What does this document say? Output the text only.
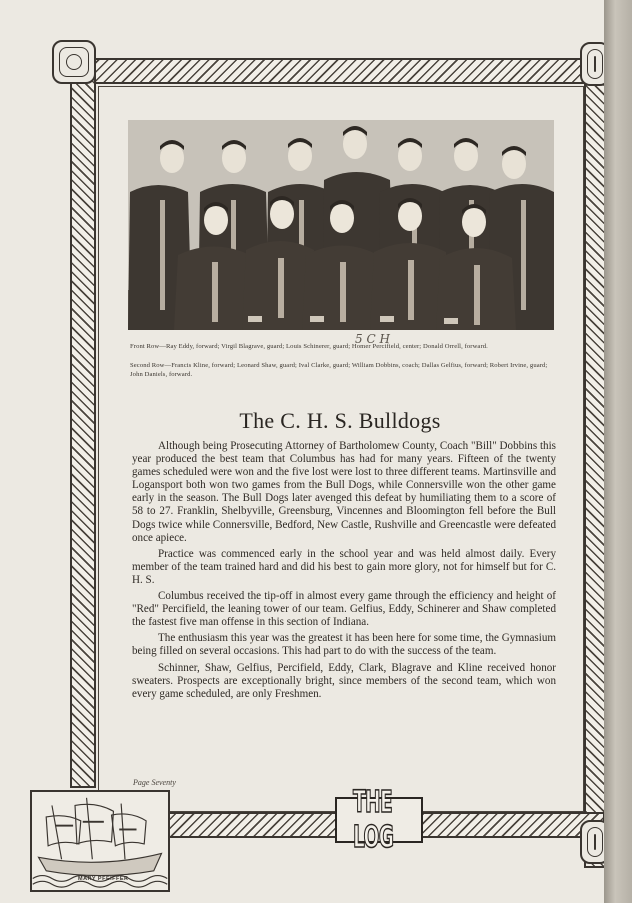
5 C H
Front Row—Ray Eddy, forward; Virgil Blagrave, guard; Louis Schinerer, guard; Homer Percifield, center; Donald Orrell, forward.
Second Row—Francis Kline, forward; Leonard Shaw, guard; Ival Clarke, guard; William Dobbins, coach; Dallas Gelfius, forward; Robert Irvine, guard; John Daniels, forward.
The C. H. S. Bulldogs

Although being Prosecuting Attorney of Bartholomew County, Coach "Bill" Dobbins this year produced the best team that Columbus has had for many years. Fifteen of the twenty games scheduled were won and the five lost were lost to three different teams. Martinsville and Logansport both won two games from the Bull Dogs, while Connersville won the other game early in the season. The Bull Dogs later avenged this defeat by humiliating them to a score of 58 to 27. Franklin, Shelbyville, Greensburg, Vincennes and Bloomington fell before the Bull Dogs twice while Connersville, Bedford, New Castle, Rushville and Greencastle were defeated once apiece.

Practice was commenced early in the school year and was held almost daily. Every member of the team trained hard and did his best to gain more glory, not for himself but for C. H. S.

Columbus received the tip-off in almost every game through the efficiency and height of "Red" Percifield, the leaning tower of our team. Gelfius, Eddy, Schinerer and Shaw completed the fastest five man offense in this section of Indiana.

The enthusiasm this year was the greatest it has been here for some time, the Gymnasium being filled on several occasions. This had part to do with the success of the team.

Schinner, Shaw, Gelfius, Percifield, Eddy, Clark, Blagrave and Kline received honor sweaters. Prospects are exceptionally bright, since members of the second team, which won every game scheduled, are only Freshmen.

Page Seventy
MARY PFEIFFER
THE LOG
